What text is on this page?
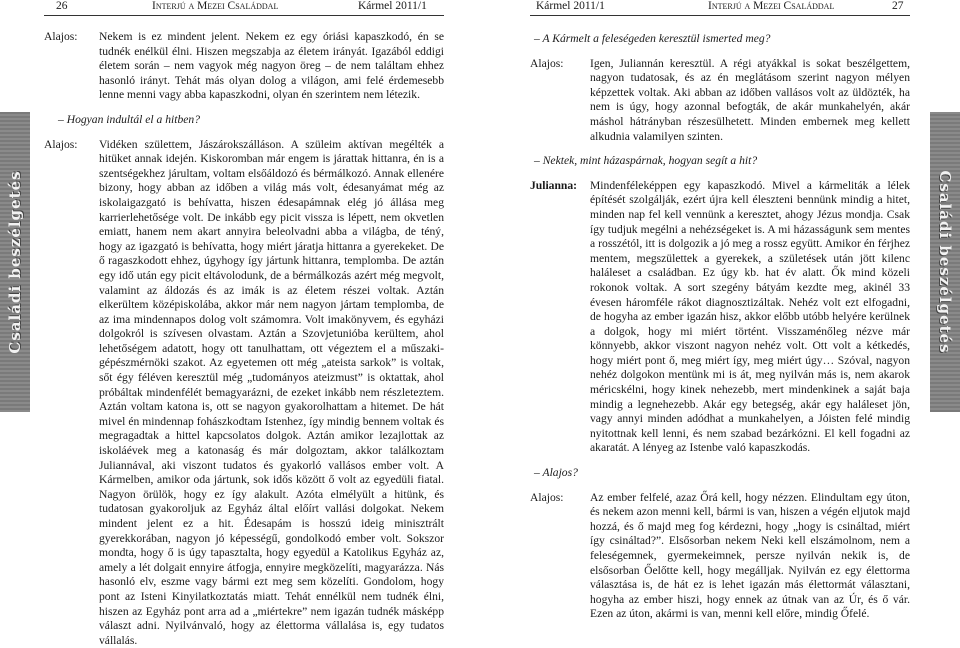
26	Interjú a Mezei Családdal	Kármel 2011/1
Családi beszélgetés
Alajos:	Nekem is ez mindent jelent. Nekem ez egy óriási kapaszkodó, én se tudnék enélkül élni. Hiszen megszabja az életem irányát. Igazából eddigi életem során – nem vagyok még nagyon öreg – de nem találtam ehhez hasonló irányt. Tehát más olyan dolog a világon, ami felé érdemesebb lenne menni vagy abba kapaszkodni, olyan én szerintem nem létezik.
– Hogyan indultál el a hitben?
Alajos:	Vidéken születtem, Jászárokszálláson. A szüleim aktívan megélték a hitüket annak idején. Kiskoromban már engem is járattak hittanra, én is a szentségekhez járultam, voltam elsőáldozó és bérmálkozó. Annak ellenére bizony, hogy abban az időben a világ más volt, édesanyámat még az iskolaigazgató is behívatta, hiszen édesapámnak elég jó állása meg karrierlehetősége volt. De inkább egy picit visszа is lépett, nem okvetlen emiatt, hanem nem akart annyira beleolvadni abba a világba, de téný, hogy az igazgató is behívatta, hogy miért járatja hittanra a gyerekeket. De ő ragaszkodott ehhez, úgyhogy így jártunk hittanra, templomba. De aztán egy idő után egy picit eltávolodunk, de a bérmálkozás azért még megvolt, valamint az áldozás és az imák is az életem részei voltak. Aztán elkerültem középiskolába, akkor már nem nagyon jártam templomba, de az ima mindennapos dolog volt számomra. Volt imakönyvem, és egyházi dolgokról is szívesen olvastam. Aztán a Szovjetunióba kerültem, ahol lehetőségem adatott, hogy ott tanulhattam, ott végeztem el a műszaki-gépészmérnöki szakot. Az egyetemen ott még „ateista sarkok” is voltak, sőt égy féléven keresztül még „tudományos ateizmust” is oktattak, ahol próbáltak mindenfélét bemagyarázni, de ezeket inkább nem részleteztem. Aztán voltam katona is, ott se nagyon gyakorolhattam a hitemet. De hát mivel én mindennap fohászkodtam Istenhez, így mindig bennem voltak és megragadtak a hittel kapcsolatos dolgok. Aztán amikor lezajlottak az iskoláévek meg a katonaság és már dolgoztam, akkor találkoztam Juliannával, aki viszont tudatos és gyakorló vallásos ember volt. A Kármelben, amikor oda jártunk, sok idős között ő volt az egyedüli fiatal. Nagyon örülök, hogy ez így alakult. Azóta elmélyült a hitünk, és tudatosan gyakoroljuk az Egyház által előírt vallási dolgokat. Nekem mindent jelent ez a hit. Édesapám is hosszú ideig minisztrált gyerekkorában, nagyon jó képességű, gondolkodó ember volt. Sokszor mondta, hogy ő is úgy tapasztalta, hogy egyedül a Katolikus Egyház az, amely a lét dolgait ennyire átfogja, ennyire megközelíti, magyarázza. Nás hasonló elv, eszme vagy bármi ezt meg sem közelíti. Gondolom, hogy pont az Isteni Kinyilatkoztatás miatt. Tehát ennélkül nem tudnék élni, hiszen az Egyház pont arra ad a „miértekre” nem igazán tudnék másképp választ adni. Nyilvánvaló, hogy az élettorma vállalása is, egy tudatos vállalás.
Kármel 2011/1	Interjú a Mezei Családdal	27
– A Kármelt a feleségeden keresztül ismerted meg?
Alajos:	Igen, Juliannán keresztül. A régi atyákkal is sokat beszélgettem, nagyon tudatosak, és az én meglátásom szerint nagyon mélyen képzettek voltak. Aki abban az időben vallásos volt az üldözték, ha nem is úgy, hogy azonnal befogták, de akár munkahelyén, akár máshol hátrányban részesülhetett. Minden embernek meg kellett alkudnia valamilyen szinten.
– Nektek, mint házaspárnak, hogyan segít a hit?
Julianna:	Mindenféleképpen egy kapaszkodó. Mivel a kármeliták a lélek építését szolgálják, ezért újra kell éleszteni bennünk mindig a hitet, minden nap fel kell vennünk a keresztet, ahogy Jézus mondja. Csak így tudjuk megélni a nehézségeket is. A mi házasságunk sem mentes a rosszétól, itt is dolgozik a jó meg a rossz együtt. Amikor én férjhez mentem, megszülettek a gyerekek, a születések után jött kilenc haláleset a családban. Ez úgy kb. hat év alatt. Ők mind közeli rokonok voltak. A sort szegény bátyám kezdte meg, akinél 33 évesen háromféle rákot diagnosztizáltak. Nehéz volt ezt elfogadni, de hogyha az ember igazán hisz, akkor előbb utóbb helyére kerülnek a dolgok, hogy mi miért történt. Visszaménőleg nézve már könnyebb, akkor viszont nagyon nehéz volt. Ott volt a kétkedés, hogy miért pont ő, meg miért így, meg miért úgy… Szóval, nagyon nehéz dolgokon mentünk mi is át, meg nyilván más is, nem akarok méricskélni, hogy kinek nehezebb, mert mindenkinek a saját baja mindig a legnehezebb. Akár egy betegség, akár egy haláleset jön, vagy annyi minden adódhat a munkahelyen, a Jóisten felé mindig nyitottnak kell lenni, és nem szabad bezárkózni. El kell fogadni az akaratát. A lényeg az Istenbe való kapaszkodás.
– Alajos?
Alajos:	Az ember felfelé, azaz Őrá kell, hogy nézzen. Elindultam egy úton, és nekem azon menni kell, bármi is van, hiszen a végén eljutok majd hozzá, és ő majd meg fog kérdezni, hogy „hogy is csináltad, miért így csináltad?”. Elsősorban nekem Neki kell elszámolnom, nem a feleségemnek, gyermekeimnek, persze nyilván nekik is, de elsősorban Őelőtte kell, hogy megálljak. Nyilván ez egy élettorma választása is, de hát ez is lehet igazán más élettormát választani, hogyha az ember hiszi, hogy ennek az útnak van az Úr, és ő vár. Ezen az úton, akármi is van, menni kell előre, mindig Őfelé.
Családi beszélgetés
